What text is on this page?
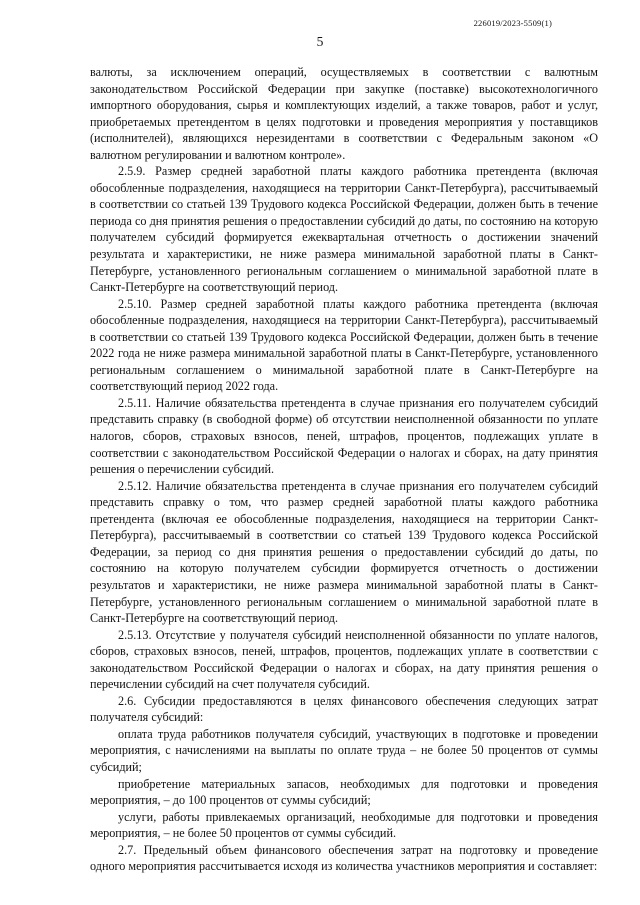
226019/2023-5509(1)
5

валюты, за исключением операций, осуществляемых в соответствии с валютным законодательством Российской Федерации при закупке (поставке) высокотехнологичного импортного оборудования, сырья и комплектующих изделий, а также товаров, работ и услуг, приобретаемых претендентом в целях подготовки и проведения мероприятия у поставщиков (исполнителей), являющихся нерезидентами в соответствии с Федеральным законом «О валютном регулировании и валютном контроле».

2.5.9. Размер средней заработной платы каждого работника претендента (включая обособленные подразделения, находящиеся на территории Санкт-Петербурга), рассчитываемый в соответствии со статьей 139 Трудового кодекса Российской Федерации, должен быть в течение периода со дня принятия решения о предоставлении субсидий до даты, по состоянию на которую получателем субсидий формируется ежеквартальная отчетность о достижении значений результата и характеристики, не ниже размера минимальной заработной платы в Санкт-Петербурге, установленного региональным соглашением о минимальной заработной плате в Санкт-Петербурге на соответствующий период.

2.5.10. Размер средней заработной платы каждого работника претендента (включая обособленные подразделения, находящиеся на территории Санкт-Петербурга), рассчитываемый в соответствии со статьей 139 Трудового кодекса Российской Федерации, должен быть в течение 2022 года не ниже размера минимальной заработной платы в Санкт-Петербурге, установленного региональным соглашением о минимальной заработной плате в Санкт-Петербурге на соответствующий период 2022 года.

2.5.11. Наличие обязательства претендента в случае признания его получателем субсидий представить справку (в свободной форме) об отсутствии неисполненной обязанности по уплате налогов, сборов, страховых взносов, пеней, штрафов, процентов, подлежащих уплате в соответствии с законодательством Российской Федерации о налогах и сборах, на дату принятия решения о перечислении субсидий.

2.5.12. Наличие обязательства претендента в случае признания его получателем субсидий представить справку о том, что размер средней заработной платы каждого работника претендента (включая ее обособленные подразделения, находящиеся на территории Санкт-Петербурга), рассчитываемый в соответствии со статьей 139 Трудового кодекса Российской Федерации, за период со дня принятия решения о предоставлении субсидий до даты, по состоянию на которую получателем субсидии формируется отчетность о достижении результатов и характеристики, не ниже размера минимальной заработной платы в Санкт-Петербурге, установленного региональным соглашением о минимальной заработной плате в Санкт-Петербурге на соответствующий период.

2.5.13. Отсутствие у получателя субсидий неисполненной обязанности по уплате налогов, сборов, страховых взносов, пеней, штрафов, процентов, подлежащих уплате в соответствии с законодательством Российской Федерации о налогах и сборах, на дату принятия решения о перечислении субсидий на счет получателя субсидий.

2.6. Субсидии предоставляются в целях финансового обеспечения следующих затрат получателя субсидий:

оплата труда работников получателя субсидий, участвующих в подготовке и проведении мероприятия, с начислениями на выплаты по оплате труда – не более 50 процентов от суммы субсидий;

приобретение материальных запасов, необходимых для подготовки и проведения мероприятия, – до 100 процентов от суммы субсидий;

услуги, работы привлекаемых организаций, необходимые для подготовки и проведения мероприятия, – не более 50 процентов от суммы субсидий.

2.7. Предельный объем финансового обеспечения затрат на подготовку и проведение одного мероприятия рассчитывается исходя из количества участников мероприятия и составляет:
